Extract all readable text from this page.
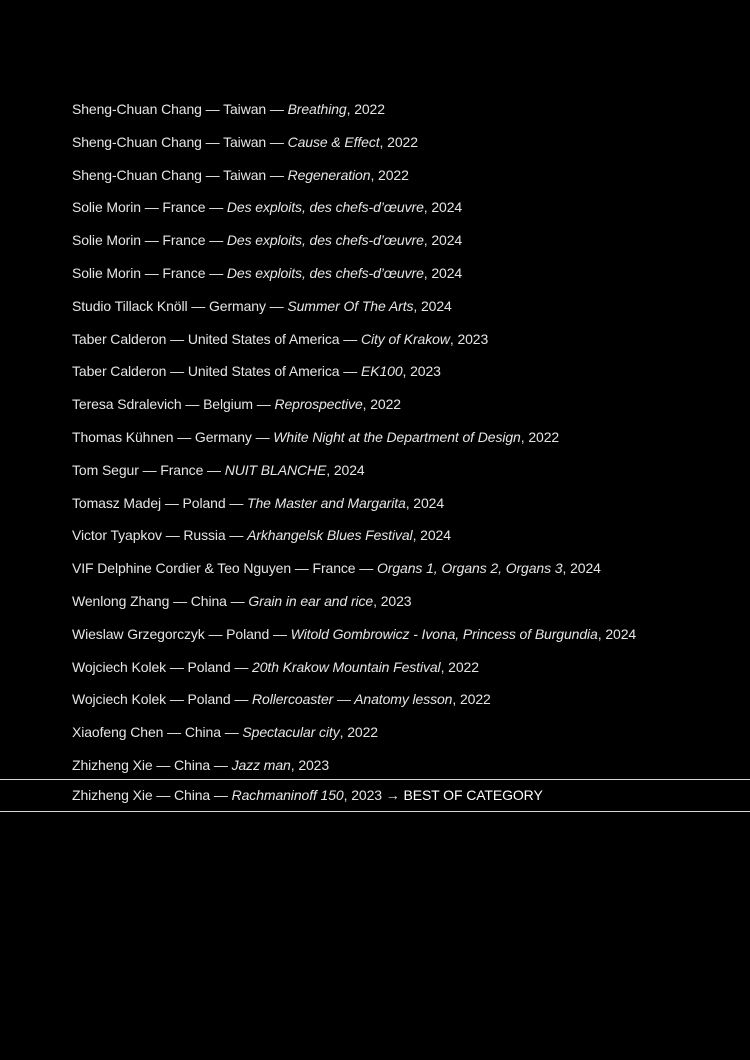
Sheng-Chuan Chang — Taiwan — Breathing, 2022
Sheng-Chuan Chang — Taiwan — Cause & Effect, 2022
Sheng-Chuan Chang — Taiwan — Regeneration, 2022
Solie Morin — France — Des exploits, des chefs-d’œuvre, 2024
Solie Morin — France — Des exploits, des chefs-d’œuvre, 2024
Solie Morin — France — Des exploits, des chefs-d’œuvre, 2024
Studio Tillack Knöll — Germany — Summer Of The Arts, 2024
Taber Calderon — United States of America — City of Krakow, 2023
Taber Calderon — United States of America — EK100, 2023
Teresa Sdralevich — Belgium — Reprospective, 2022
Thomas Kühnen — Germany — White Night at the Department of Design, 2022
Tom Segur — France — NUIT BLANCHE, 2024
Tomasz Madej — Poland — The Master and Margarita, 2024
Victor Tyapkov — Russia — Arkhangelsk Blues Festival, 2024
VIF Delphine Cordier & Teo Nguyen — France — Organs 1, Organs 2, Organs 3, 2024
Wenlong Zhang — China — Grain in ear and rice, 2023
Wieslaw Grzegorczyk — Poland — Witold Gombrowicz - Ivona, Princess of Burgundia, 2024
Wojciech Kolek — Poland — 20th Krakow Mountain Festival, 2022
Wojciech Kolek — Poland — Rollercoaster — Anatomy lesson, 2022
Xiaofeng Chen — China — Spectacular city, 2022
Zhizheng Xie — China — Jazz man, 2023
Zhizheng Xie — China — Rachmaninoff 150, 2023 → BEST OF CATEGORY
